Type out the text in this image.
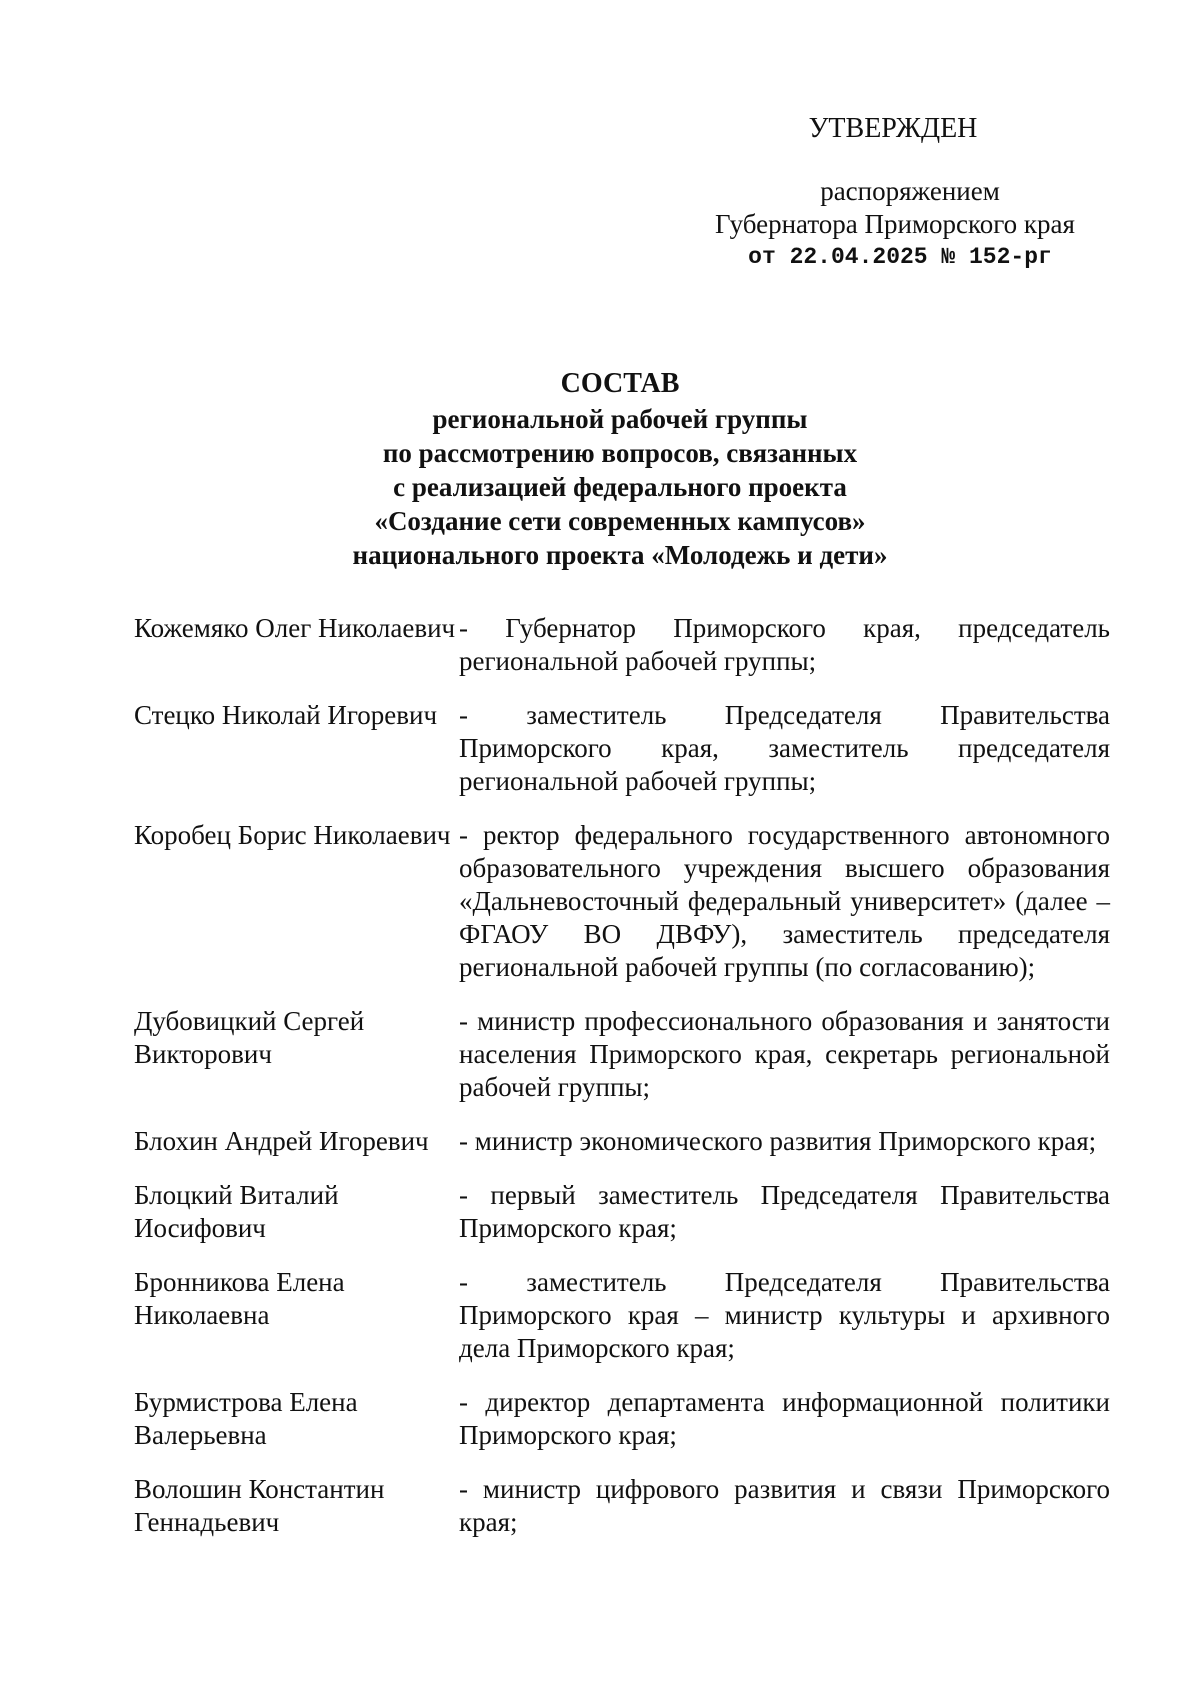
УТВЕРЖДЕН
распоряжением
Губернатора Приморского края
от 22.04.2025 № 152-рг
СОСТАВ
региональной рабочей группы
по рассмотрению вопросов, связанных
с реализацией федерального проекта
«Создание сети современных кампусов»
национального проекта «Молодежь и дети»
Кожемяко Олег Николаевич - Губернатор Приморского края, председатель региональной рабочей группы;
Стецко Николай Игоревич - заместитель Председателя Правительства Приморского края, заместитель председателя региональной рабочей группы;
Коробец Борис Николаевич - ректор федерального государственного автономного образовательного учреждения высшего образования «Дальневосточный федеральный университет» (далее – ФГАОУ ВО ДВФУ), заместитель председателя региональной рабочей группы (по согласованию);
Дубовицкий Сергей Викторович
- министр профессионального образования и занятости населения Приморского края, секретарь региональной рабочей группы;
Блохин Андрей Игоревич	- министр экономического развития Приморского края;
Блоцкий Виталий Иосифович
- первый заместитель Председателя Правительства Приморского края;
Бронникова Елена Николаевна
- заместитель Председателя Правительства Приморского края – министр культуры и архивного дела Приморского края;
Бурмистрова Елена Валерьевна
- директор департамента информационной политики Приморского края;
Волошин Константин Геннадьевич
- министр цифрового развития и связи Приморского края;
